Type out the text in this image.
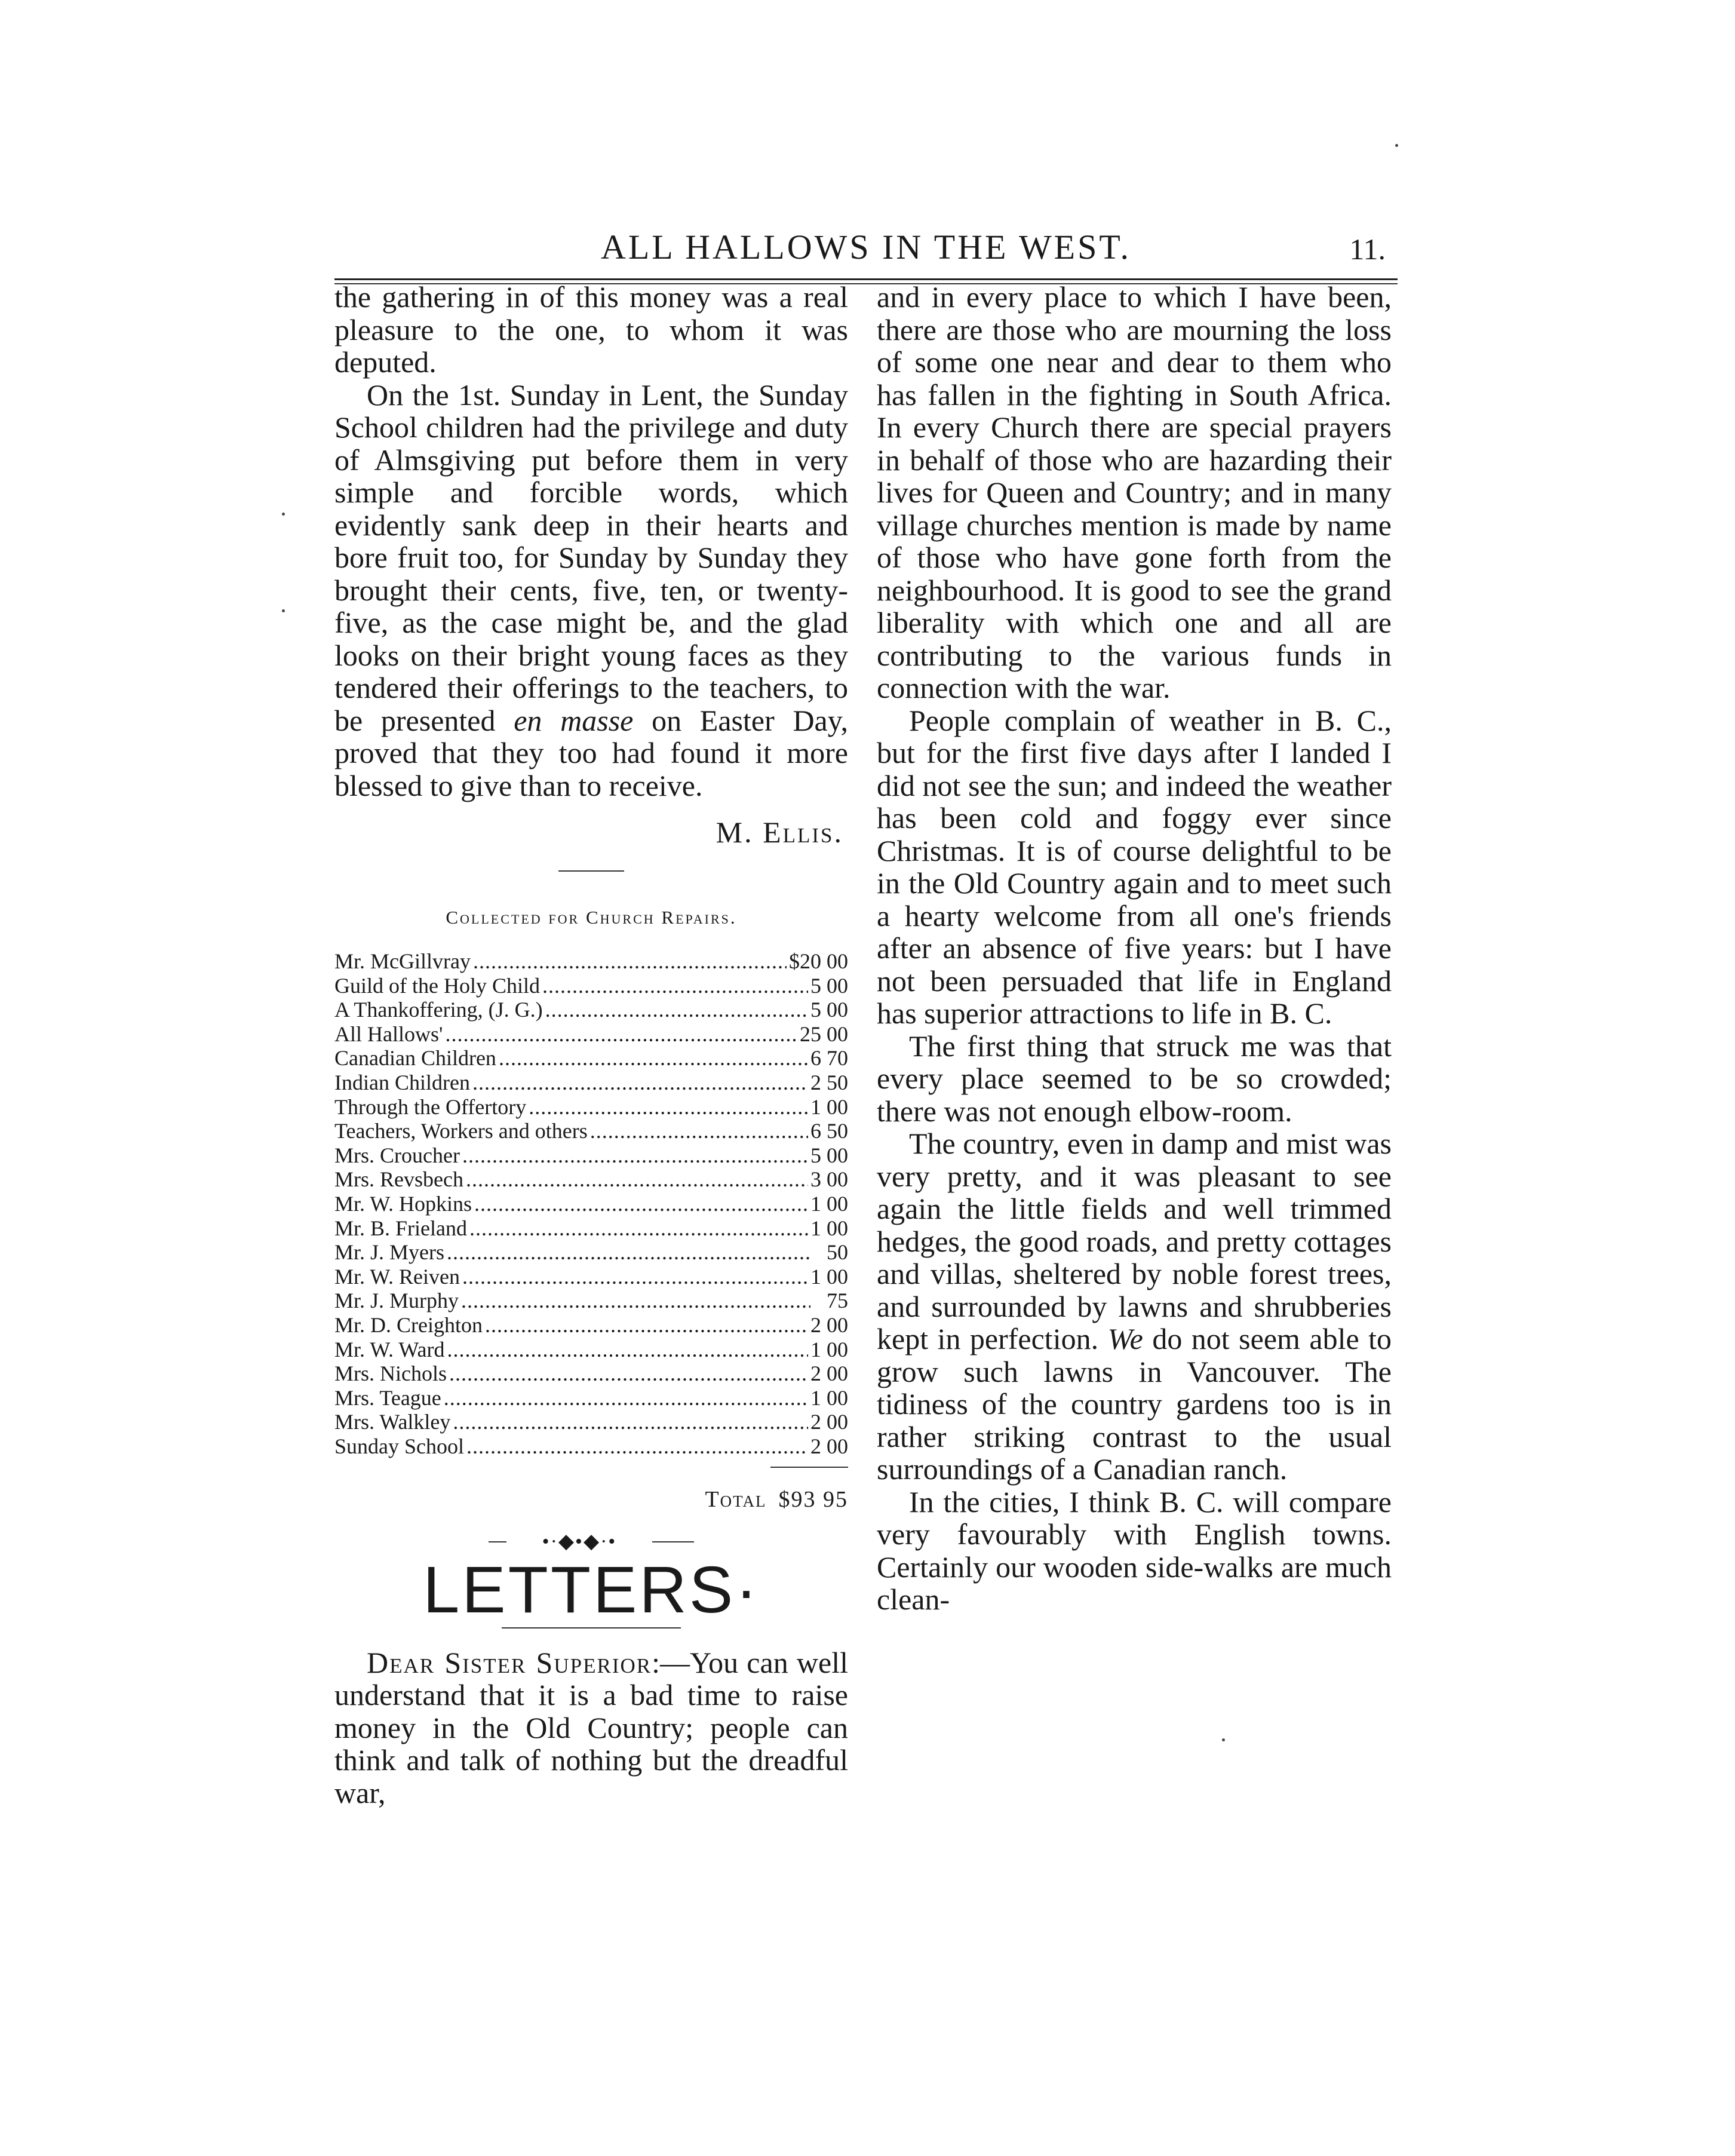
ALL HALLOWS IN THE WEST.	11.

the gathering in of this money was a real pleasure to the one, to whom it was deputed.

On the 1st. Sunday in Lent, the Sunday School children had the privilege and duty of Almsgiving put before them in very simple and forcible words, which evidently sank deep in their hearts and bore fruit too, for Sunday by Sunday they brought their cents, five, ten, or twenty-five, as the case might be, and the glad looks on their bright young faces as they tendered their offerings to the teachers, to be presented en masse on Easter Day, proved that they too had found it more blessed to give than to receive.

M. Ellis.
Collected for Church Repairs.
Mr. McGillvray .....	$20 00
Guild of the Holy Child .....	5 00
A Thankoffering, (J. G.) .....	5 00
All Hallows' .....	25 00
Canadian Children .....	6 70
Indian Children .....	2 50
Through the Offertory .....	1 00
Teachers, Workers and others .....	6 50
Mrs. Croucher .....	5 00
Mrs. Revsbech .....	3 00
Mr. W. Hopkins .....	1 00
Mr. B. Frieland .....	1 00
Mr. J. Myers .....	50
Mr. W. Reiven .....	1 00
Mr. J. Murphy .....	75
Mr. D. Creighton .....	2 00
Mr. W. Ward .....	1 00
Mrs. Nichols .....	2 00
Mrs. Teague .....	1 00
Mrs. Walkley .....	2 00
Sunday School .....	2 00
Total $93 95
•·◆•◆·•
LETTERS·

Dear Sister Superior:—You can well understand that it is a bad time to raise money in the Old Country; people can think and talk of nothing but the dreadful war,

and in every place to which I have been, there are those who are mourning the loss of some one near and dear to them who has fallen in the fighting in South Africa. In every Church there are special prayers in behalf of those who are hazarding their lives for Queen and Country; and in many village churches mention is made by name of those who have gone forth from the neighbourhood. It is good to see the grand liberality with which one and all are contributing to the various funds in connection with the war.

People complain of weather in B. C., but for the first five days after I landed I did not see the sun; and indeed the weather has been cold and foggy ever since Christmas. It is of course delightful to be in the Old Country again and to meet such a hearty welcome from all one's friends after an absence of five years: but I have not been persuaded that life in England has superior attractions to life in B. C.

The first thing that struck me was that every place seemed to be so crowded; there was not enough elbow-room.

The country, even in damp and mist was very pretty, and it was pleasant to see again the little fields and well trimmed hedges, the good roads, and pretty cottages and villas, sheltered by noble forest trees, and surrounded by lawns and shrubberies kept in perfection. We do not seem able to grow such lawns in Vancouver. The tidiness of the country gardens too is in rather striking contrast to the usual surroundings of a Canadian ranch.

In the cities, I think B. C. will compare very favourably with English towns. Certainly our wooden side-walks are much clean-
